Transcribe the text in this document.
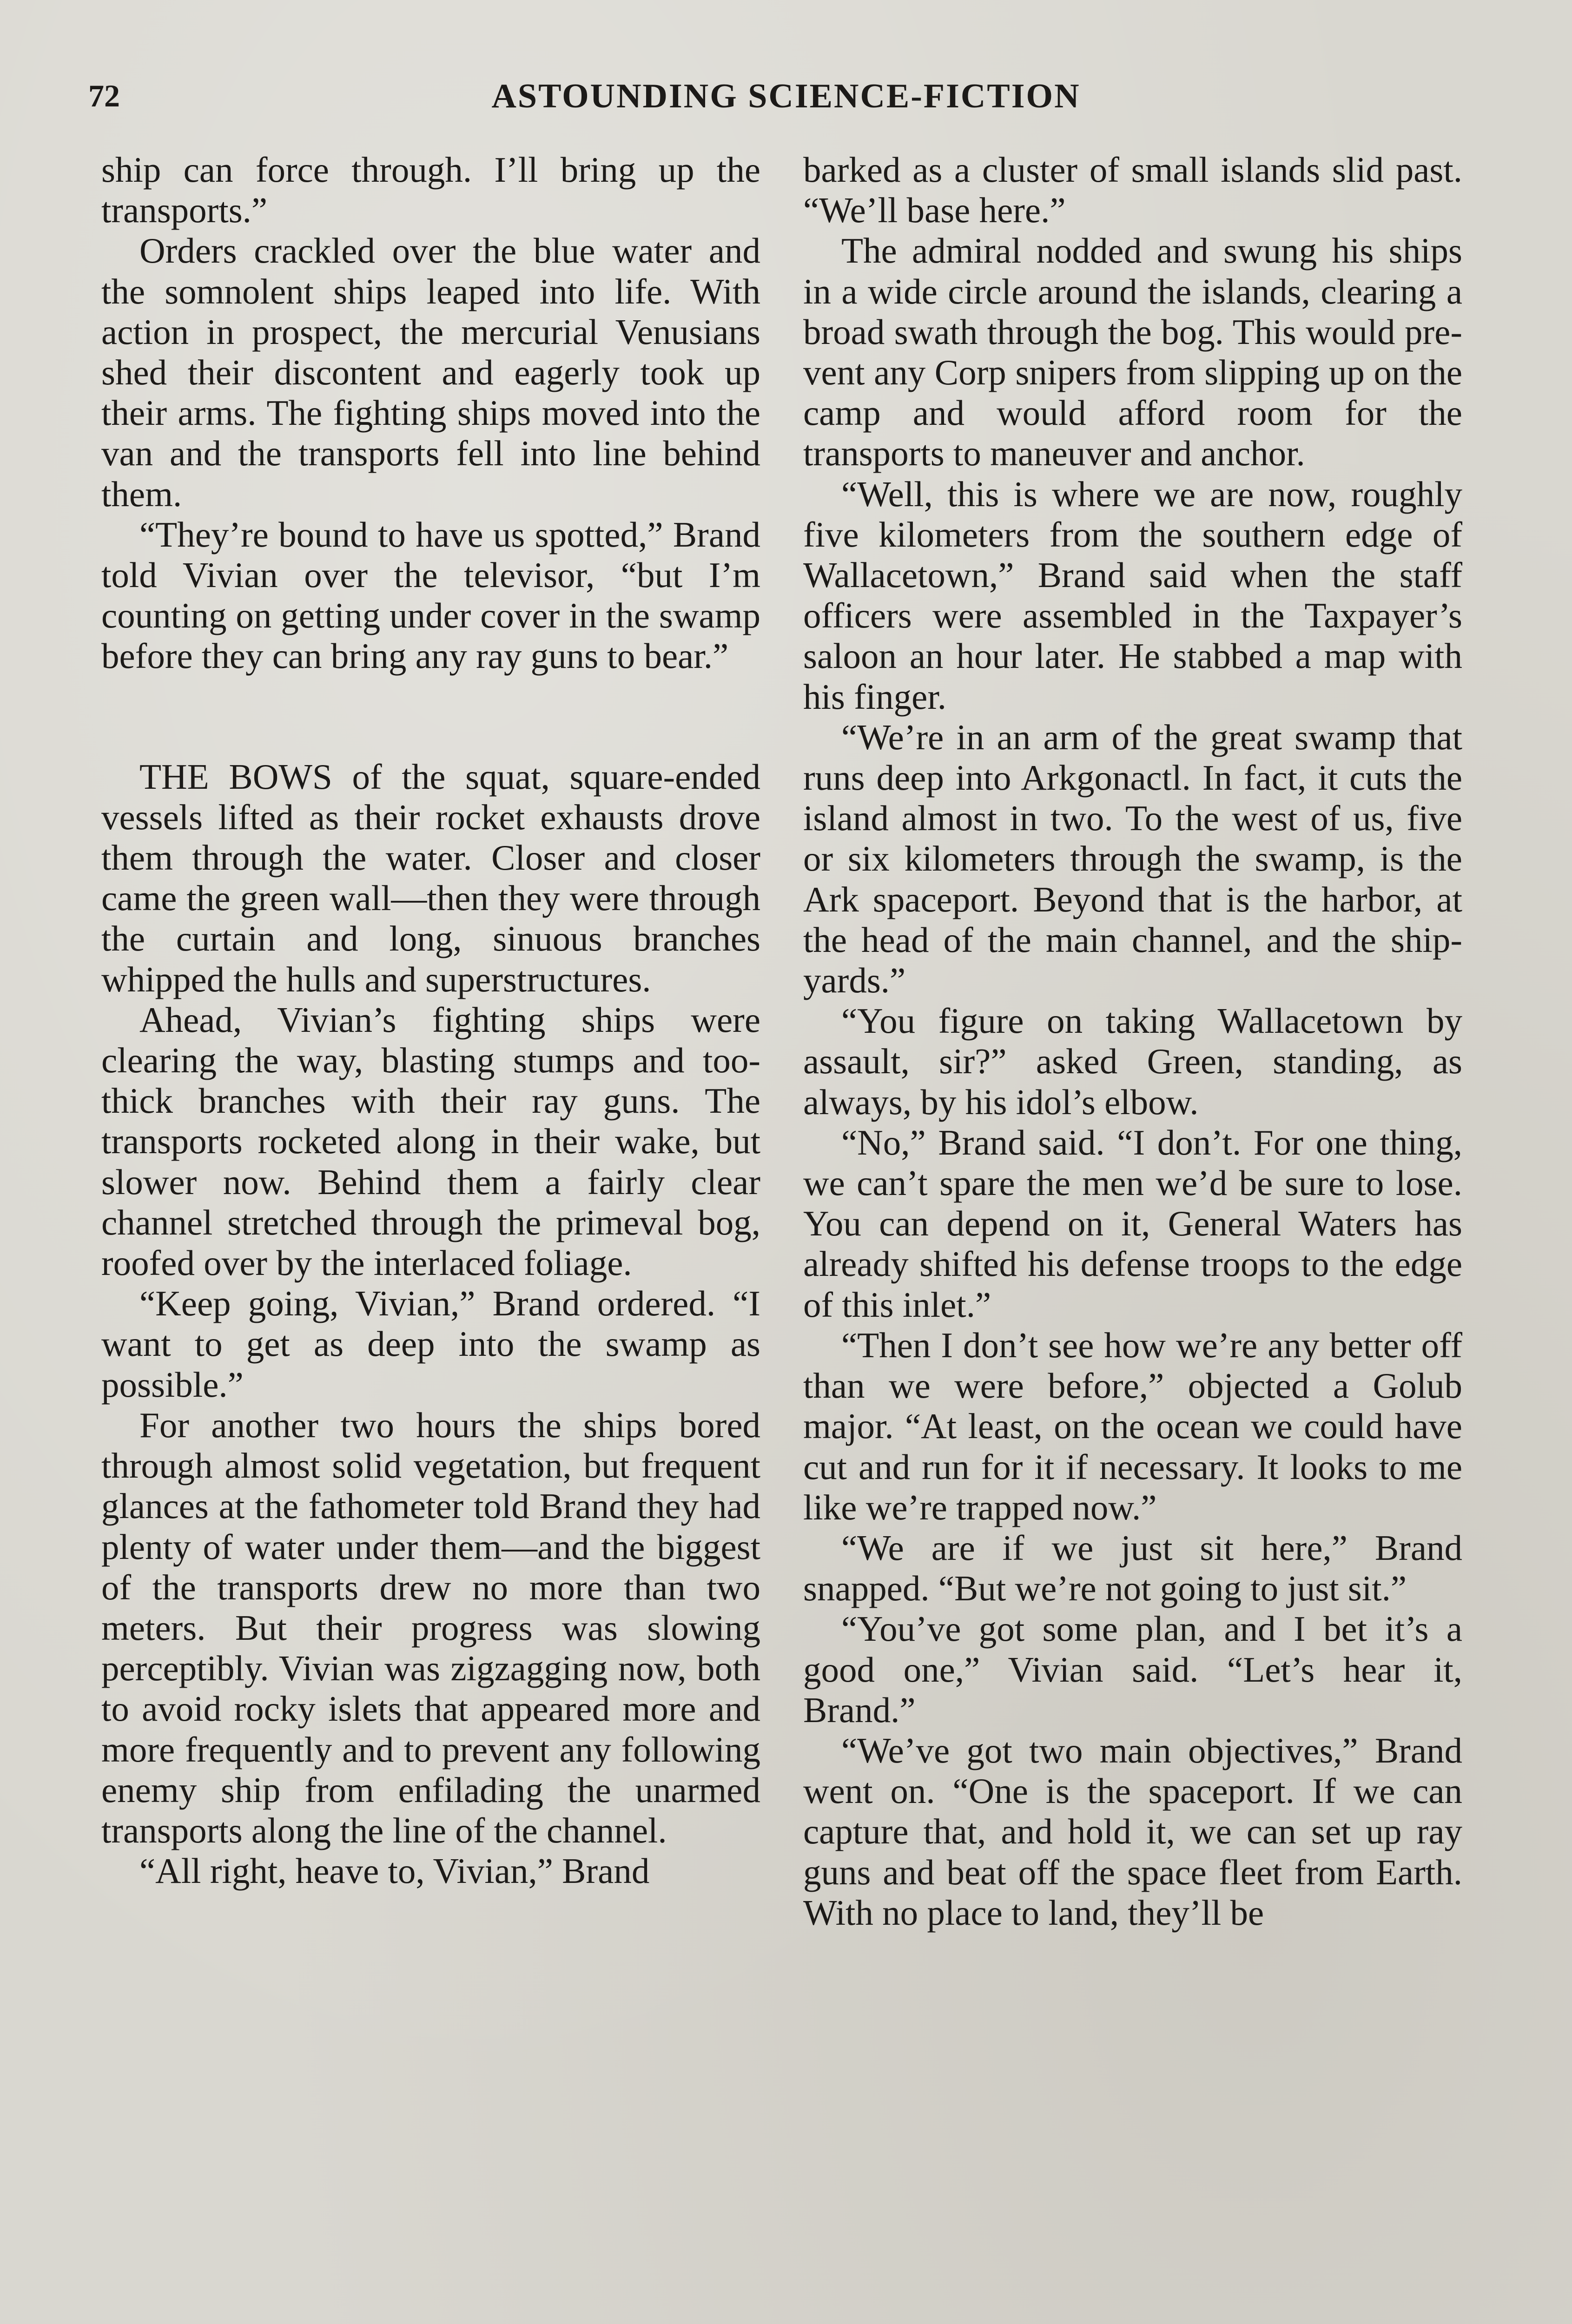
72	ASTOUNDING SCIENCE-FICTION

ship can force through. I’ll bring up the transports.”

Orders crackled over the blue water and the somnolent ships leaped into life. With action in prospect, the mercurial Venusians shed their discontent and eagerly took up their arms. The fighting ships moved into the van and the transports fell into line behind them.

“They’re bound to have us spotted,” Brand told Vivian over the televisor, “but I’m counting on getting under cover in the swamp before they can bring any ray guns to bear.”

THE BOWS of the squat, square-ended vessels lifted as their rocket exhausts drove them through the water. Closer and closer came the green wall—then they were through the curtain and long, sinuous branches whipped the hulls and superstructures.

Ahead, Vivian’s fighting ships were clearing the way, blasting stumps and too-thick branches with their ray guns. The transports rocketed along in their wake, but slower now. Behind them a fairly clear channel stretched through the primeval bog, roofed over by the interlaced foliage.

“Keep going, Vivian,” Brand ordered. “I want to get as deep into the swamp as possible.”

For another two hours the ships bored through almost solid vegetation, but frequent glances at the fathometer told Brand they had plenty of water under them—and the biggest of the transports drew no more than two meters. But their progress was slowing perceptibly. Vivian was zigzagging now, both to avoid rocky islets that appeared more and more frequently and to prevent any following enemy ship from enfilading the unarmed transports along the line of the channel.

“All right, heave to, Vivian,” Brand

barked as a cluster of small islands slid past. “We’ll base here.”

The admiral nodded and swung his ships in a wide circle around the islands, clearing a broad swath through the bog. This would prevent any Corp snipers from slipping up on the camp and would afford room for the transports to maneuver and anchor.

“Well, this is where we are now, roughly five kilometers from the southern edge of Wallacetown,” Brand said when the staff officers were assembled in the Taxpayer’s saloon an hour later. He stabbed a map with his finger.

“We’re in an arm of the great swamp that runs deep into Arkgonactl. In fact, it cuts the island almost in two. To the west of us, five or six kilometers through the swamp, is the Ark spaceport. Beyond that is the harbor, at the head of the main channel, and the shipyards.”

“You figure on taking Wallacetown by assault, sir?” asked Green, standing, as always, by his idol’s elbow.

“No,” Brand said. “I don’t. For one thing, we can’t spare the men we’d be sure to lose. You can depend on it, General Waters has already shifted his defense troops to the edge of this inlet.”

“Then I don’t see how we’re any better off than we were before,” objected a Golub major. “At least, on the ocean we could have cut and run for it if necessary. It looks to me like we’re trapped now.”

“We are if we just sit here,” Brand snapped. “But we’re not going to just sit.”

“You’ve got some plan, and I bet it’s a good one,” Vivian said. “Let’s hear it, Brand.”

“We’ve got two main objectives,” Brand went on. “One is the spaceport. If we can capture that, and hold it, we can set up ray guns and beat off the space fleet from Earth. With no place to land, they’ll be
